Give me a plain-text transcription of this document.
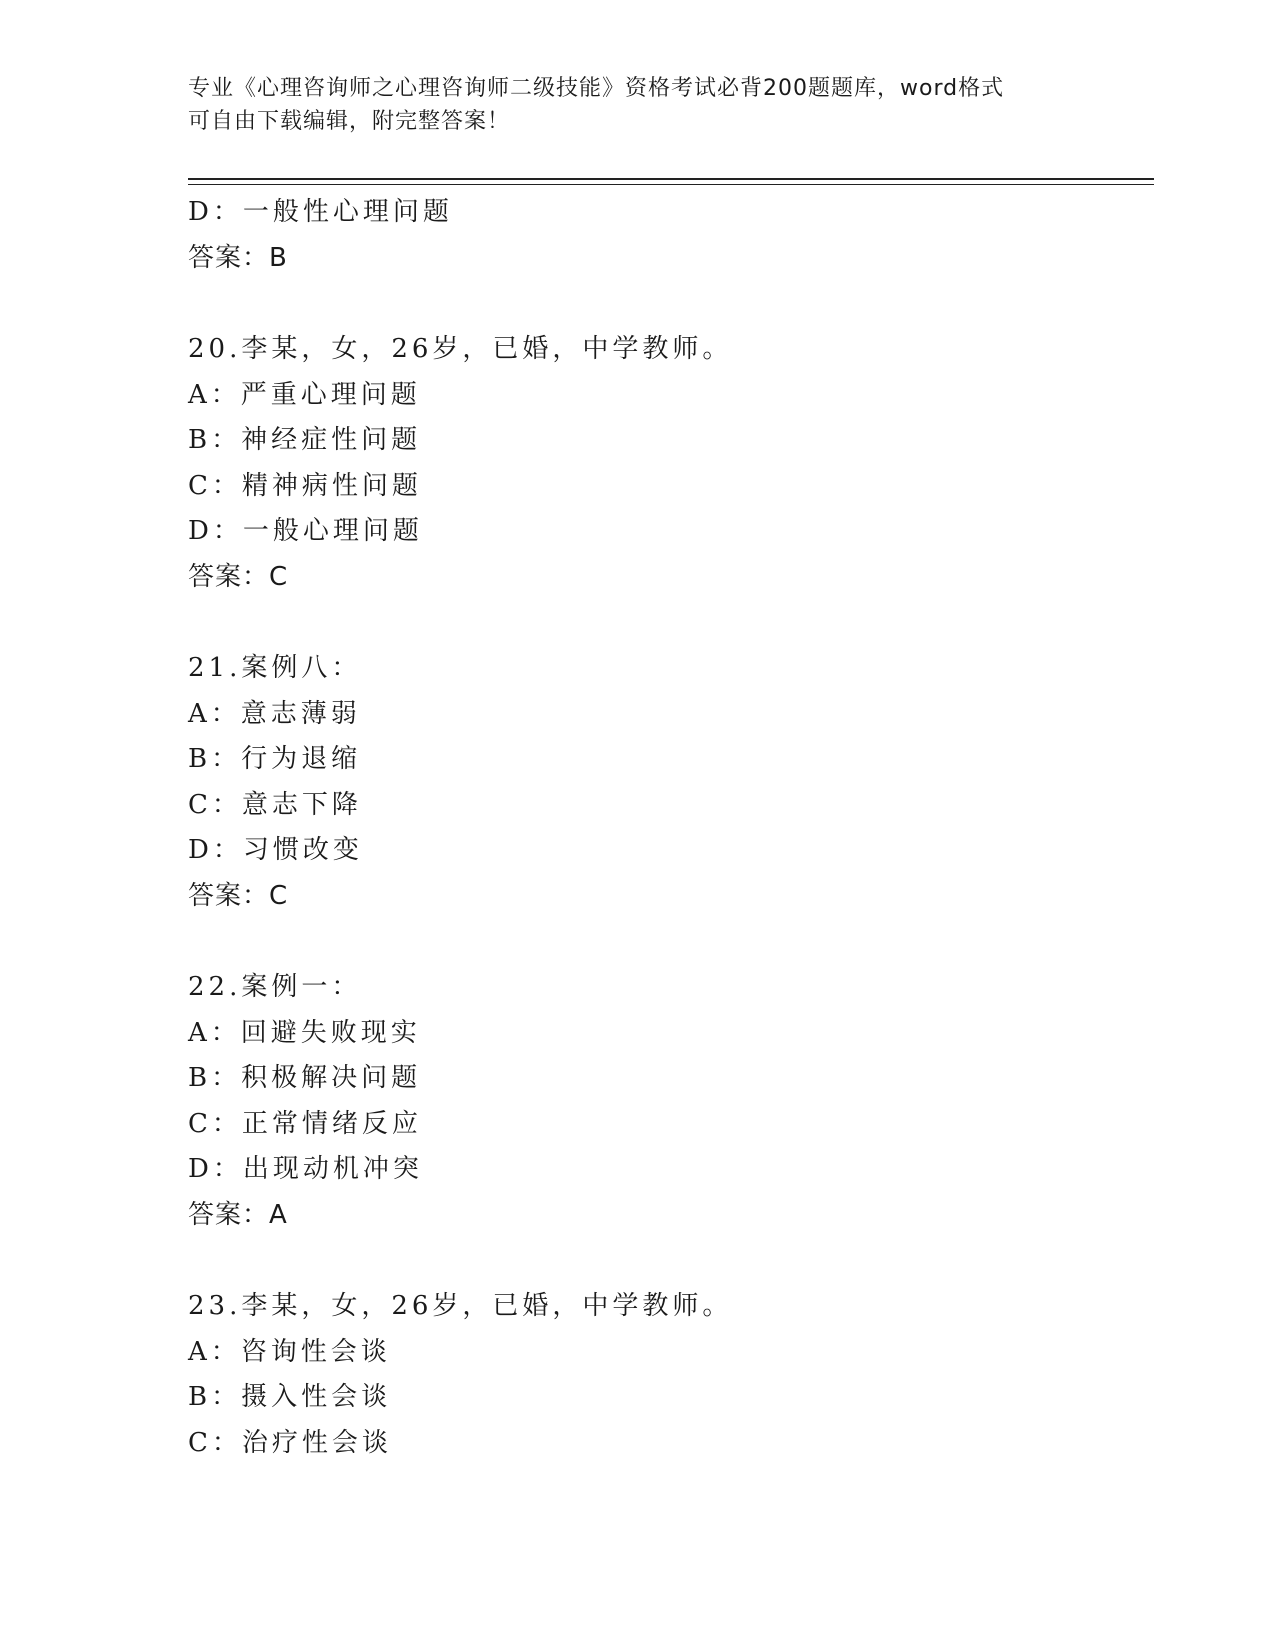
专业《心理咨询师之心理咨询师二级技能》资格考试必背200题题库，word格式
可自由下载编辑，附完整答案！
D：一般性心理问题
答案：B
20.李某，女，26岁，已婚，中学教师。
A：严重心理问题
B：神经症性问题
C：精神病性问题
D：一般心理问题
答案：C
21.案例八：
A：意志薄弱
B：行为退缩
C：意志下降
D：习惯改变
答案：C
22.案例一：
A：回避失败现实
B：积极解决问题
C：正常情绪反应
D：出现动机冲突
答案：A
23.李某，女，26岁，已婚，中学教师。
A：咨询性会谈
B：摄入性会谈
C：治疗性会谈
